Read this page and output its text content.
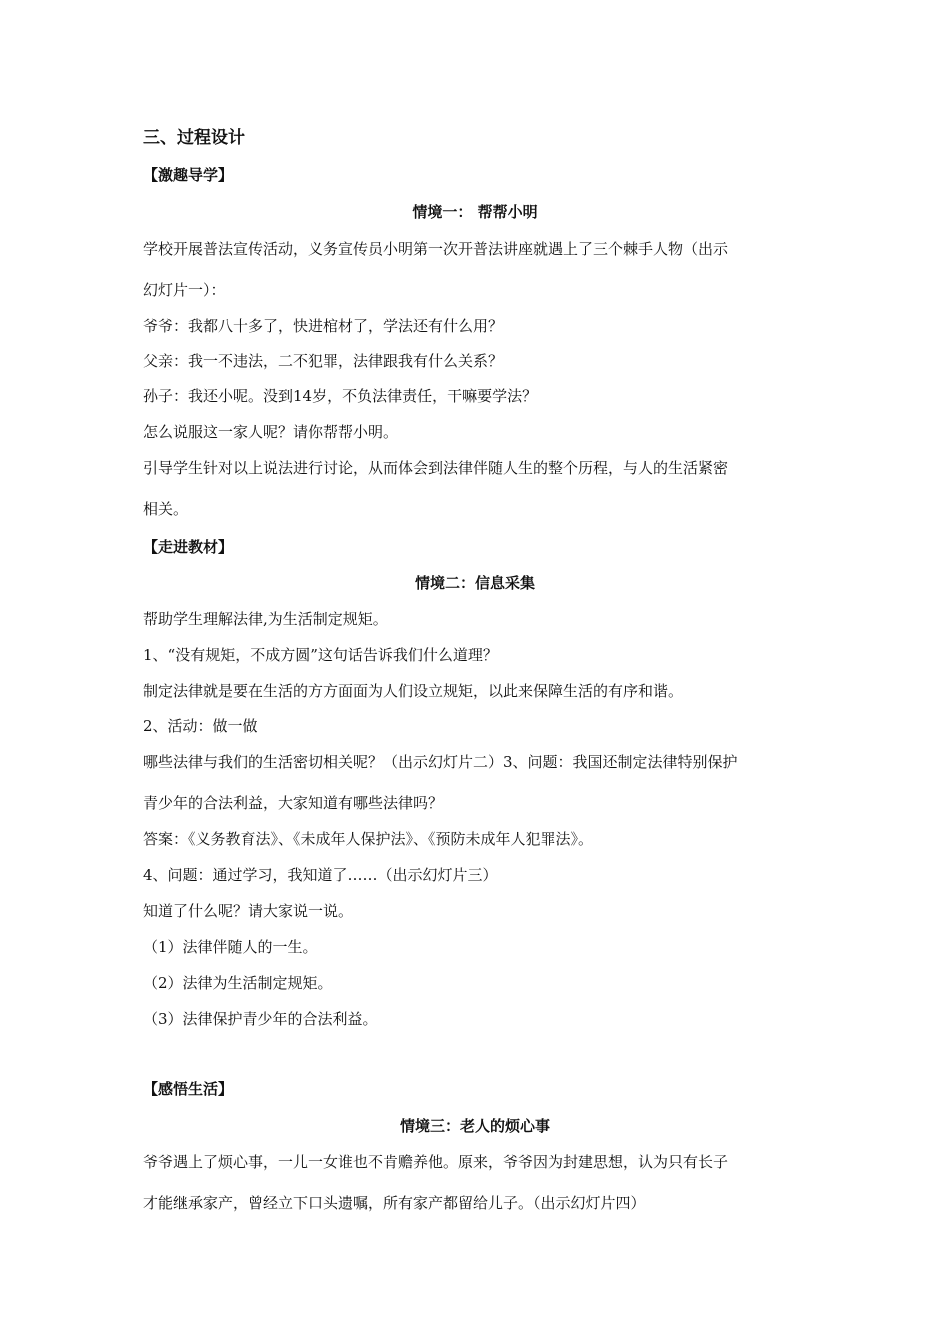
三、过程设计
【激趣导学】
情境一： 帮帮小明
学校开展普法宣传活动，义务宣传员小明第一次开普法讲座就遇上了三个棘手人物（出示
幻灯片一）：
爷爷：我都八十多了，快进棺材了，学法还有什么用？
父亲：我一不违法，二不犯罪，法律跟我有什么关系？
孙子：我还小呢。没到14岁，不负法律责任，干嘛要学法？
怎么说服这一家人呢？请你帮帮小明。
引导学生针对以上说法进行讨论，从而体会到法律伴随人生的整个历程，与人的生活紧密
相关。
【走进教材】
情境二：信息采集
帮助学生理解法律,为生活制定规矩。
1、“没有规矩，不成方圆”这句话告诉我们什么道理？
制定法律就是要在生活的方方面面为人们设立规矩，以此来保障生活的有序和谐。
2、活动：做一做
哪些法律与我们的生活密切相关呢？（出示幻灯片二）3、问题：我国还制定法律特别保护
青少年的合法利益，大家知道有哪些法律吗？
答案：《义务教育法》、《未成年人保护法》、《预防未成年人犯罪法》。
4、问题：通过学习，我知道了……（出示幻灯片三）
知道了什么呢？请大家说一说。
（1）法律伴随人的一生。
（2）法律为生活制定规矩。
（3）法律保护青少年的合法利益。
【感悟生活】
情境三：老人的烦心事
爷爷遇上了烦心事，一儿一女谁也不肯赡养他。原来，爷爷因为封建思想，认为只有长子
才能继承家产，曾经立下口头遗嘱，所有家产都留给儿子。（出示幻灯片四）
